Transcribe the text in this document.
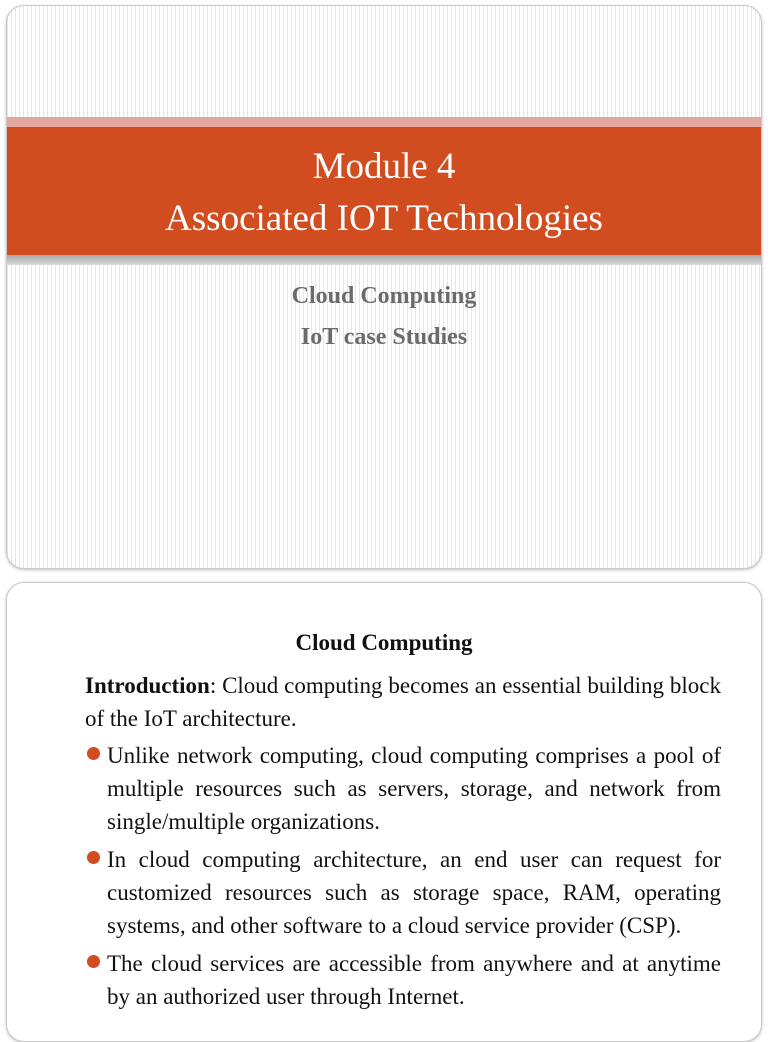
Module 4
Associated IOT Technologies
Cloud Computing
IoT case Studies
Cloud Computing
Introduction: Cloud computing becomes an essential building block of the IoT architecture.
Unlike network computing, cloud computing comprises a pool of multiple resources such as servers, storage, and network from single/multiple organizations.
In cloud computing architecture, an end user can request for customized resources such as storage space, RAM, operating systems, and other software to a cloud service provider (CSP).
The cloud services are accessible from anywhere and at anytime by an authorized user through Internet.
